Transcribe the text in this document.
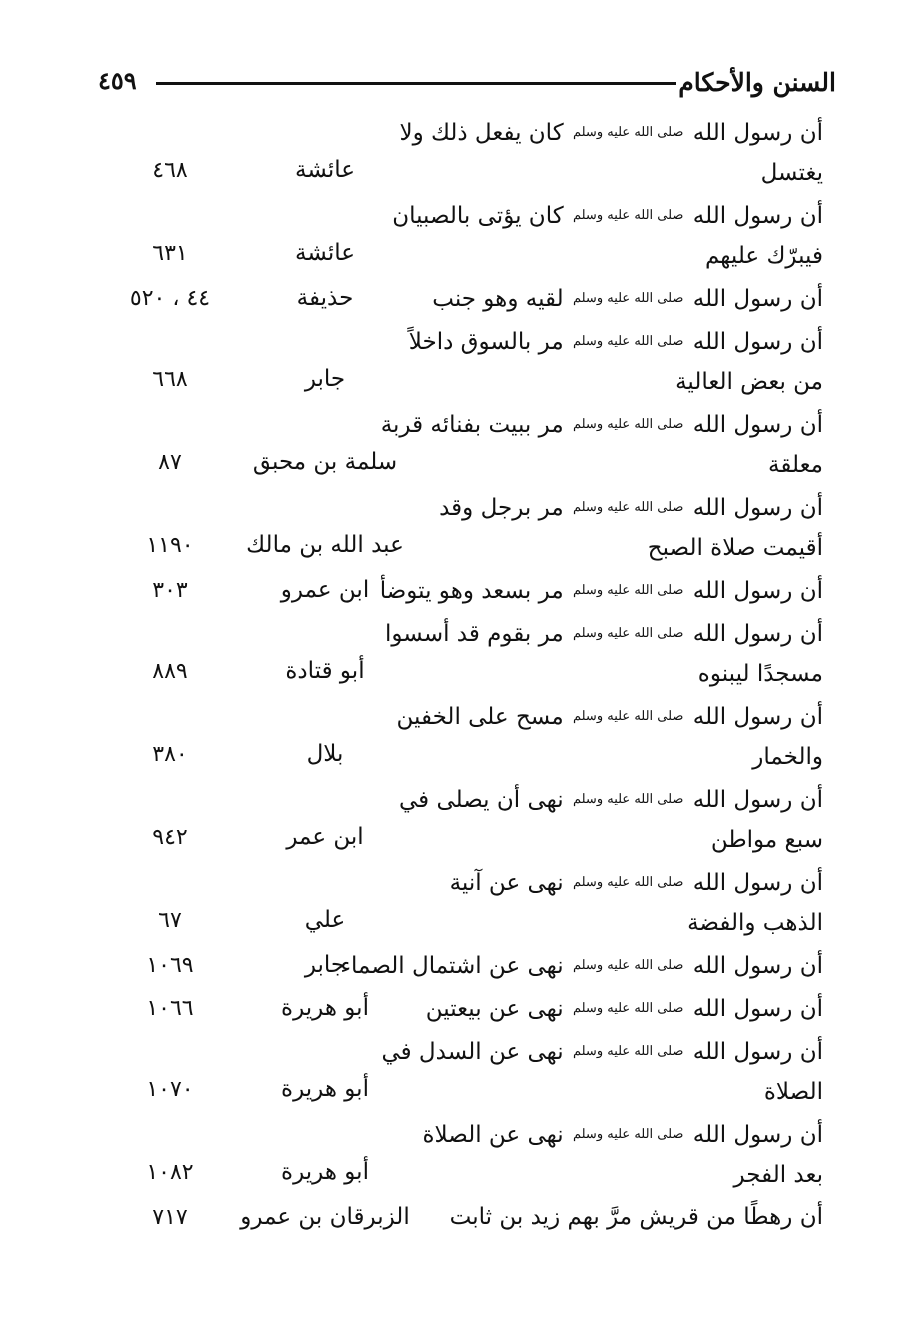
السنن والأحكام
٤٥٩
أن رسول الله صلى الله عليه وسلم كان يفعل ذلك ولا
يغتسل
عائشة
٤٦٨
أن رسول الله صلى الله عليه وسلم كان يؤتى بالصبيان
فيبرّك عليهم
عائشة
٦٣١
أن رسول الله صلى الله عليه وسلم لقيه وهو جنب
حذيفة
٤٤ ، ٥٢٠
أن رسول الله صلى الله عليه وسلم مر بالسوق داخلاً
من بعض العالية
جابر
٦٦٨
أن رسول الله صلى الله عليه وسلم مر ببيت بفنائه قربة
معلقة
سلمة بن محبق
٨٧
أن رسول الله صلى الله عليه وسلم مر برجل وقد
أقيمت صلاة الصبح
عبد الله بن مالك
١١٩٠
أن رسول الله صلى الله عليه وسلم مر بسعد وهو يتوضأ
ابن عمرو
٣٠٣
أن رسول الله صلى الله عليه وسلم مر بقوم قد أسسوا
مسجدًا ليبنوه
أبو قتادة
٨٨٩
أن رسول الله صلى الله عليه وسلم مسح على الخفين
والخمار
بلال
٣٨٠
أن رسول الله صلى الله عليه وسلم نهى أن يصلى في
سبع مواطن
ابن عمر
٩٤٢
أن رسول الله صلى الله عليه وسلم نهى عن آنية
الذهب والفضة
علي
٦٧
أن رسول الله صلى الله عليه وسلم نهى عن اشتمال الصماء
جابر
١٠٦٩
أن رسول الله صلى الله عليه وسلم نهى عن بيعتين
أبو هريرة
١٠٦٦
أن رسول الله صلى الله عليه وسلم نهى عن السدل في
الصلاة
أبو هريرة
١٠٧٠
أن رسول الله صلى الله عليه وسلم نهى عن الصلاة
بعد الفجر
أبو هريرة
١٠٨٢
أن رهطًا من قريش مرَّ بهم زيد بن ثابت
الزبرقان بن عمرو
٧١٧
